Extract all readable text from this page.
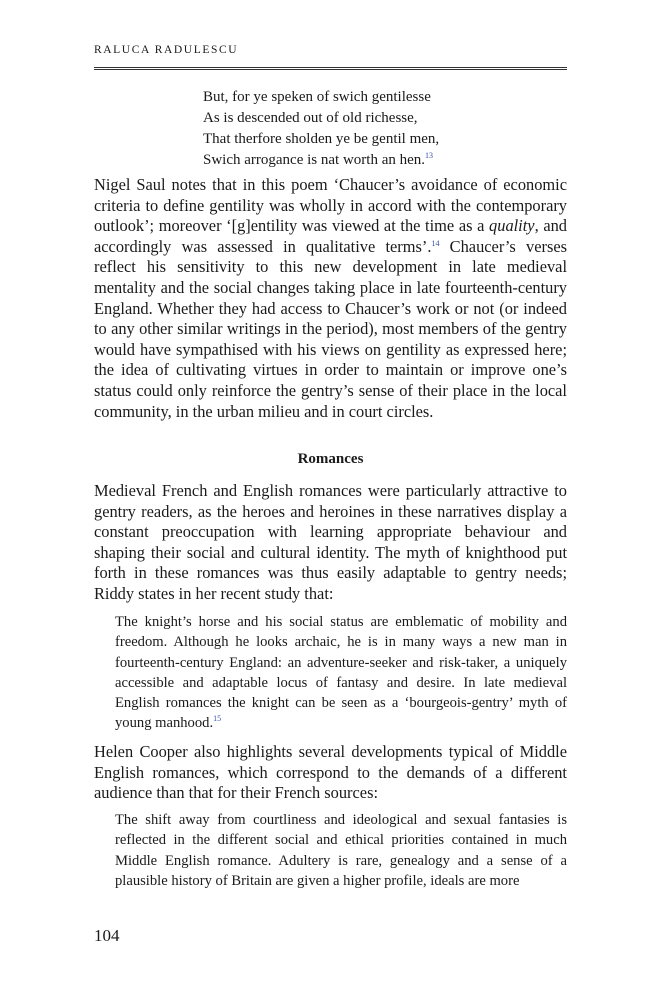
RALUCA RADULESCU
But, for ye speken of swich gentilesse
As is descended out of old richesse,
That therfore sholden ye be gentil men,
Swich arrogance is nat worth an hen.$^{13}$

Nigel Saul notes that in this poem ‘Chaucer’s avoidance of economic criteria to define gentility was wholly in accord with the contemporary outlook’; moreover ‘[g]entility was viewed at the time as a quality, and accordingly was assessed in qualitative terms’.$^{14}$ Chaucer’s verses reflect his sensitivity to this new development in late medieval mentality and the social changes taking place in late fourteenth-century England. Whether they had access to Chaucer’s work or not (or indeed to any other similar writings in the period), most members of the gentry would have sympathised with his views on gentility as expressed here; the idea of cultivating virtues in order to maintain or improve one’s status could only reinforce the gentry’s sense of their place in the local community, in the urban milieu and in court circles.

Romances

Medieval French and English romances were particularly attractive to gentry readers, as the heroes and heroines in these narratives display a constant preoccupation with learning appropriate behaviour and shaping their social and cultural identity. The myth of knighthood put forth in these romances was thus easily adaptable to gentry needs; Riddy states in her recent study that:

The knight’s horse and his social status are emblematic of mobility and freedom. Although he looks archaic, he is in many ways a new man in fourteenth-century England: an adventure-seeker and risk-taker, a uniquely accessible and adaptable locus of fantasy and desire. In late medieval English romances the knight can be seen as a ‘bourgeois-gentry’ myth of young manhood.$^{15}$

Helen Cooper also highlights several developments typical of Middle English romances, which correspond to the demands of a different audience than that for their French sources:

The shift away from courtliness and ideological and sexual fantasies is reflected in the different social and ethical priorities contained in much Middle English romance. Adultery is rare, genealogy and a sense of a plausible history of Britain are given a higher profile, ideals are more

104
